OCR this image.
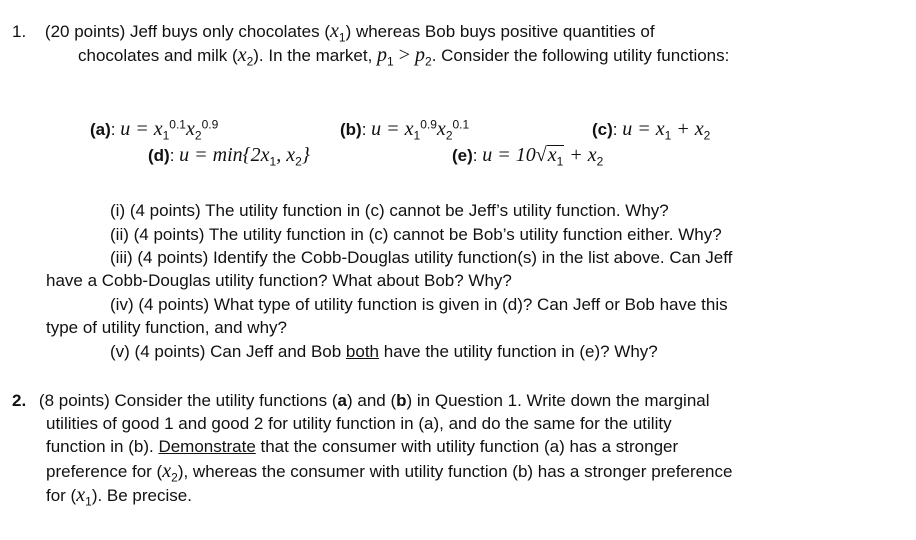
1. (20 points) Jeff buys only chocolates $(x_1)$ whereas Bob buys positive quantities of
chocolates and milk $(x_2)$. In the market, $p_1 > p_2$. Consider the following utility functions:
(a): $u = x_1^{0.1}x_2^{0.9}$	(b): $u = x_1^{0.9}x_2^{0.1}$	(c): $u = x_1 + x_2$
(d): $u = \min\{2x_1$, $x_2$}	(e): $u = 10√x_1 + x_2$
(i) (4 points) The utility function in (c) cannot be Jeff’s utility function. Why?
(ii) (4 points) The utility function in (c) cannot be Bob’s utility function either. Why?
(iii) (4 points) Identify the Cobb-Douglas utility function(s) in the list above. Can Jeff
have a Cobb-Douglas utility function? What about Bob? Why?
(iv) (4 points) What type of utility function is given in (d)? Can Jeff or Bob have this
type of utility function, and why?
(v) (4 points) Can Jeff and Bob both have the utility function in (e)? Why?
2. (8 points) Consider the utility functions (a) and (b) in Question 1. Write down the marginal
utilities of good 1 and good 2 for utility function in (a), and do the same for the utility
function in (b). Demonstrate that the consumer with utility function (a) has a stronger
preference for $(x_2)$, whereas the consumer with utility function (b) has a stronger preference
for $(x_1)$. Be precise.
